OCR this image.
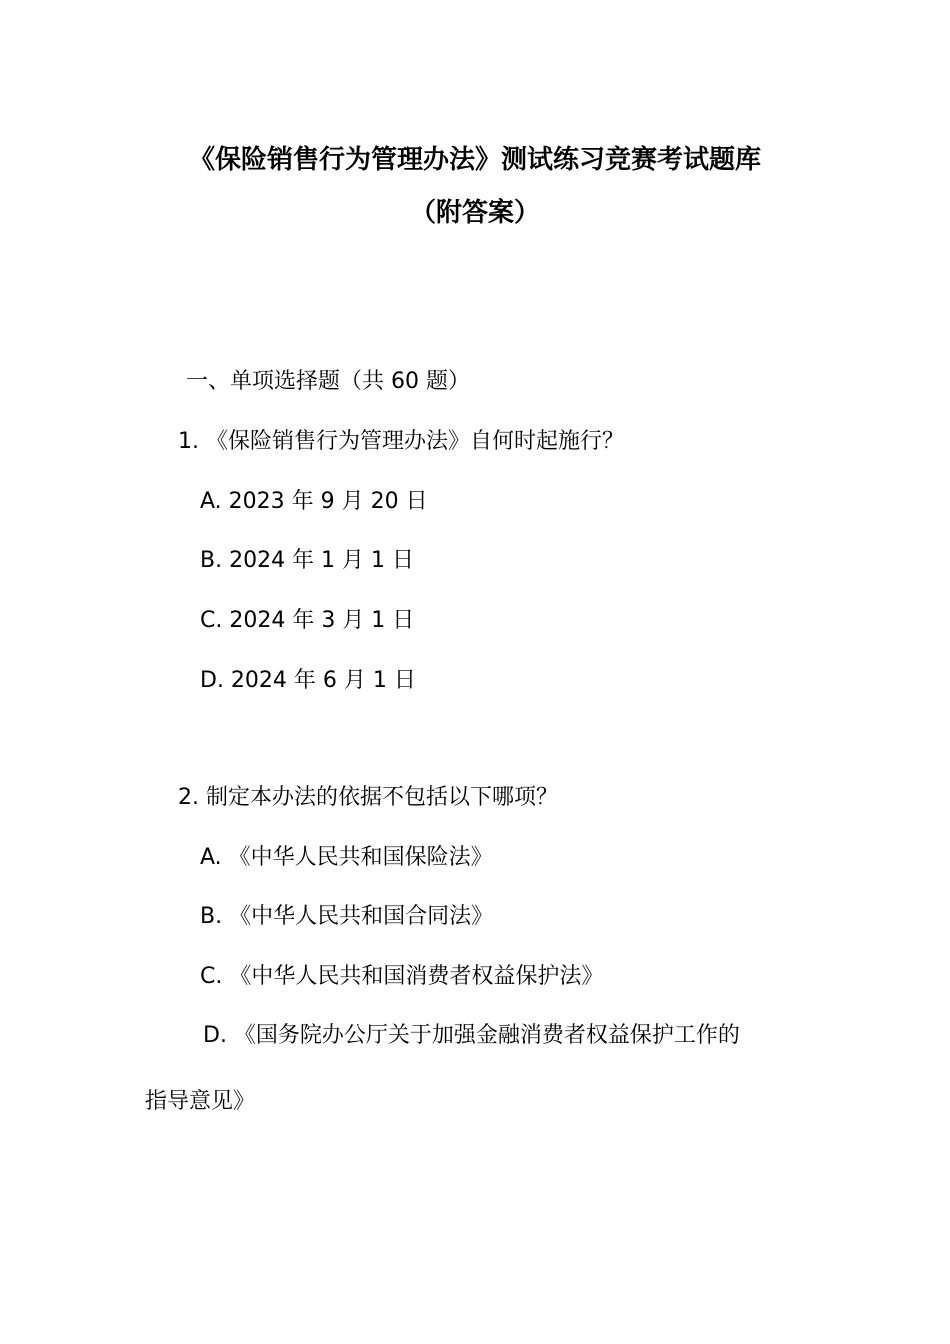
《保险销售行为管理办法》测试练习竞赛考试题库
（附答案）
一、单项选择题（共 60 题）
1. 《保险销售行为管理办法》自何时起施行？
A. 2023 年 9 月 20 日
B. 2024 年 1 月 1 日
C. 2024 年 3 月 1 日
D. 2024 年 6 月 1 日
2. 制定本办法的依据不包括以下哪项？
A. 《中华人民共和国保险法》
B. 《中华人民共和国合同法》
C. 《中华人民共和国消费者权益保护法》
D. 《国务院办公厅关于加强金融消费者权益保护工作的
指导意见》
